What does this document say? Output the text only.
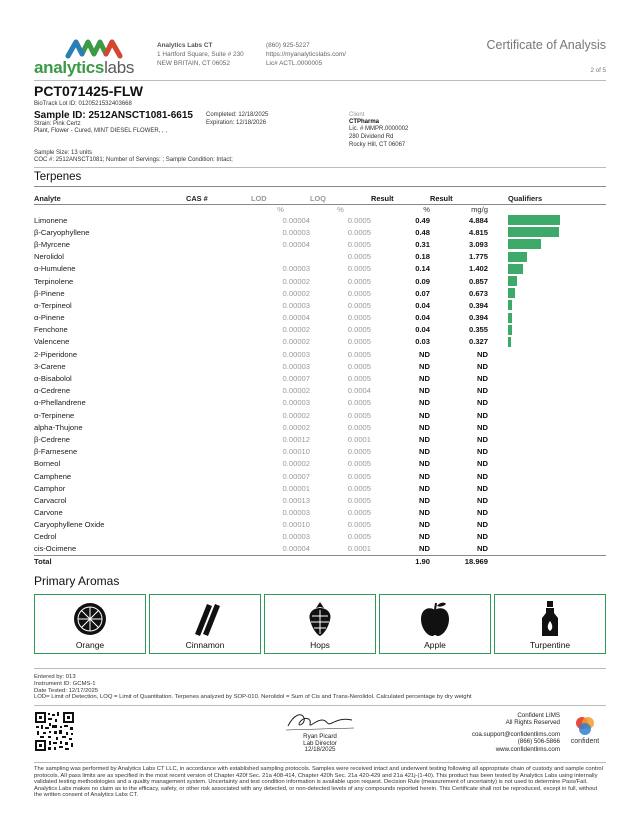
analyticslabs
Analytics Labs CT
1 Hartford Square, Suite # 230
NEW BRITAIN, CT 06052
(860) 925-5227
https://myanalyticslabs.com/
Lic# ACTL.0000005
Certificate of Analysis
2 of 5
PCT071425-FLW
BioTrack Lot ID: 0120521532403668
Sample ID: 2512ANSCT1081-6615
Strain: Pink Certz
Plant, Flower - Cured, MINT DIESEL FLOWER, , ,
Completed: 12/18/2025
Expiration: 12/18/2026
Client
CTPharma
Lic. # MMPR.0000002
280 Dividend Rd
Rocky Hill, CT 06067
Sample Size: 13 units
COC #: 2512ANSCT1081; Number of Servings: ; Sample Condition: Intact;
Terpenes
Analyte	CAS #	LOD	LOQ	Result	Result	Qualifiers
		%	%	%	mg/g	
Limonene		0.00004	0.0005	0.49	4.884	

β-Caryophyllene		0.00003	0.0005	0.48	4.815	

β-Myrcene		0.00004	0.0005	0.31	3.093	

Nerolidol			0.0005	0.18	1.775	

α-Humulene		0.00003	0.0005	0.14	1.402	

Terpinolene		0.00002	0.0005	0.09	0.857	

β-Pinene		0.00002	0.0005	0.07	0.673	

α-Terpineol		0.00003	0.0005	0.04	0.394	

α-Pinene		0.00004	0.0005	0.04	0.394	

Fenchone		0.00002	0.0005	0.04	0.355	

Valencene		0.00002	0.0005	0.03	0.327	

2-Piperidone		0.00003	0.0005	ND	ND	
3-Carene		0.00003	0.0005	ND	ND	
α-Bisabolol		0.00007	0.0005	ND	ND	
α-Cedrene		0.00002	0.0004	ND	ND	
α-Phellandrene		0.00003	0.0005	ND	ND	
α-Terpinene		0.00002	0.0005	ND	ND	
alpha-Thujone		0.00002	0.0005	ND	ND	
β-Cedrene		0.00012	0.0001	ND	ND	
β-Farnesene		0.00010	0.0005	ND	ND	
Borneol		0.00002	0.0005	ND	ND	
Camphene		0.00007	0.0005	ND	ND	
Camphor		0.00001	0.0005	ND	ND	
Carvacrol		0.00013	0.0005	ND	ND	
Carvone		0.00003	0.0005	ND	ND	
Caryophyllene Oxide		0.00010	0.0005	ND	ND	
Cedrol		0.00003	0.0005	ND	ND	
cis-Ocimene		0.00004	0.0001	ND	ND	
Total				1.90	18.969	
Primary Aromas
Orange	Cinnamon	Hops	Apple	Turpentine
Entered by: 013
Instrument ID: GCMS-1
Date Tested: 12/17/2025
LOD= Limit of Detection, LOQ = Limit of Quantitation. Terpenes analyzed by SOP-010. Nerolidol = Sum of Cis and Trans-Nerolidol. Calculated percentage by dry weight
Ryan Picard
Lab Director
12/18/2025
Confident LIMS
All Rights Reserved
coa.support@confidentlims.com
(866) 506-5866
www.confidentlims.com
confident
The sampling was performed by Analytics Labs CT LLC, in accordance with established sampling protocols. Samples were received intact and underwent testing following all appropriate chain of custody and sample control protocols. All pass limits are as specified in the most recent version of Chapter 420f Sec. 21a 408-414, Chapter 420h Sec. 21a 420-429 and 21a 421j-(1-40). This product has been tested by Analytics Labs using internally validated testing methodologies and a quality management system. Uncertainty and test condition information is available upon request. Decision Rule (measurement of uncertainty) is not used to determine Pass/Fail. Analytics Labs makes no claim as to the efficacy, safety, or other risk associated with any detected, or non-detected levels of any compounds reported herein. This Certificate shall not be reproduced, except in full, without the written consent of Analytics Labs CT.
